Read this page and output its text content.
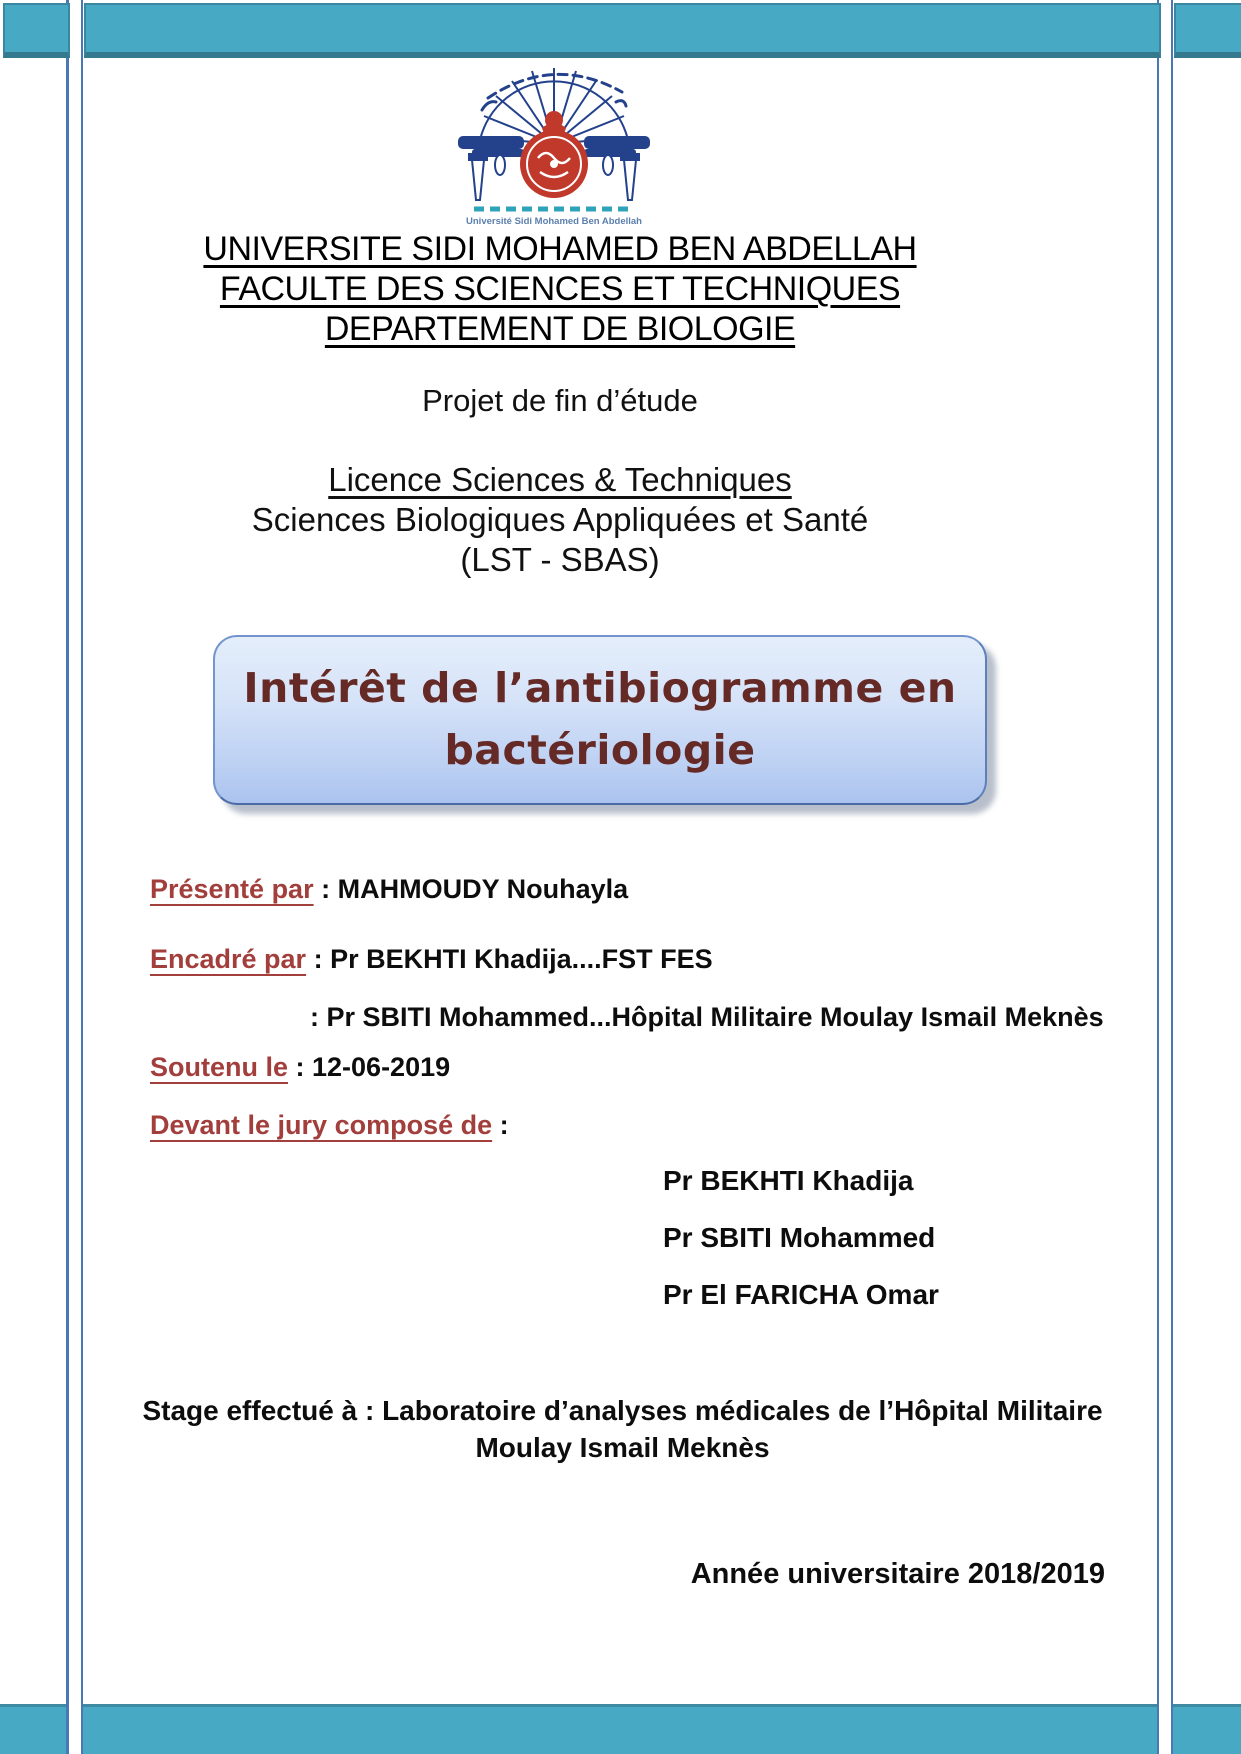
Université Sidi Mohamed Ben Abdellah
UNIVERSITE SIDI MOHAMED BEN ABDELLAH
FACULTE DES SCIENCES ET TECHNIQUES
DEPARTEMENT DE BIOLOGIE
Projet de fin d’étude
Licence Sciences & Techniques
Sciences Biologiques Appliquées et Santé
(LST - SBAS)
Intérêt de l’antibiogramme en
bactériologie
Présenté par : MAHMOUDY Nouhayla
Encadré par : Pr BEKHTI Khadija....FST FES
: Pr SBITI Mohammed...Hôpital Militaire Moulay Ismail Meknès
Soutenu le : 12-06-2019
Devant le jury composé de :
Pr BEKHTI Khadija
Pr SBITI Mohammed
Pr El FARICHA Omar
Stage effectué à : Laboratoire d’analyses médicales de l’Hôpital Militaire
Moulay Ismail Meknès
Année universitaire 2018/2019
